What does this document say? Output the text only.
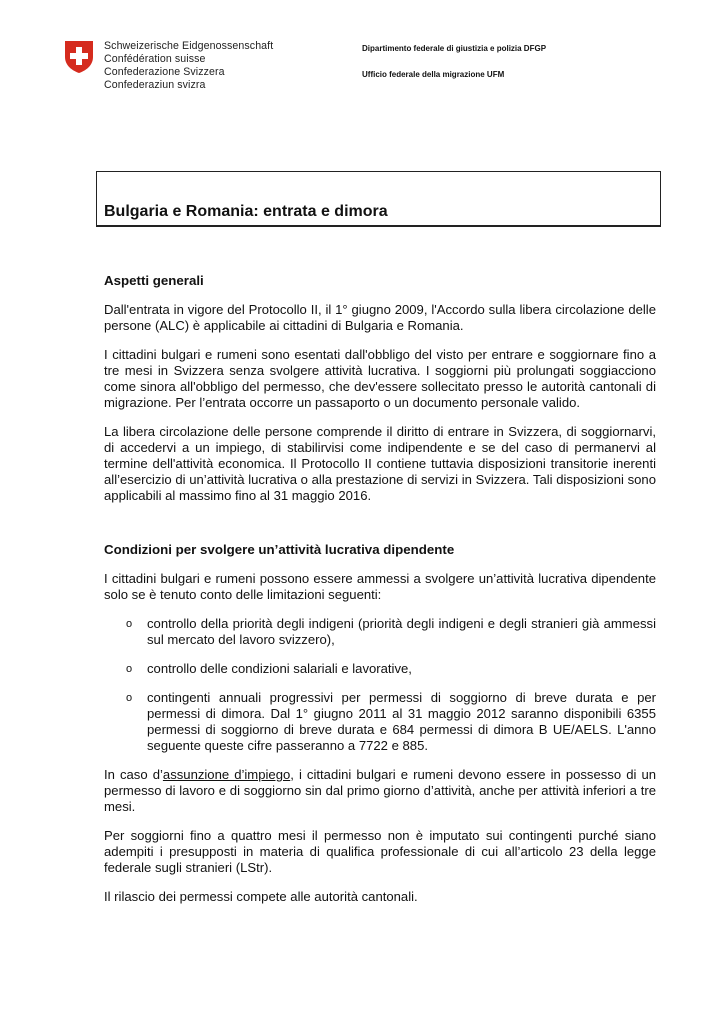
Schweizerische Eidgenossenschaft
Confédération suisse
Confederazione Svizzera
Confederaziun svizra
Dipartimento federale di giustizia e polizia DFGP
Ufficio federale della migrazione UFM
Bulgaria e Romania: entrata e dimora
Aspetti generali

Dall'entrata in vigore del Protocollo II, il 1° giugno 2009, l'Accordo sulla libera circolazione delle persone (ALC) è applicabile ai cittadini di Bulgaria e Romania.

I cittadini bulgari e rumeni sono esentati dall'obbligo del visto per entrare e soggiornare fino a tre mesi in Svizzera senza svolgere attività lucrativa. I soggiorni più prolungati soggiacciono come sinora all'obbligo del permesso, che dev'essere sollecitato presso le autorità cantonali di migrazione. Per l’entrata occorre un passaporto o un documento personale valido.

La libera circolazione delle persone comprende il diritto di entrare in Svizzera, di soggiornarvi, di accedervi a un impiego, di stabilirvisi come indipendente e se del caso di permanervi al termine dell'attività economica. Il Protocollo II contiene tuttavia disposizioni transitorie inerenti all’esercizio di un’attività lucrativa o alla prestazione di servizi in Svizzera. Tali disposizioni sono applicabili al massimo fino al 31 maggio 2016.

Condizioni per svolgere un’attività lucrativa dipendente

I cittadini bulgari e rumeni possono essere ammessi a svolgere un’attività lucrativa dipendente solo se è tenuto conto delle limitazioni seguenti:

o controllo della priorità degli indigeni (priorità degli indigeni e degli stranieri già ammessi sul mercato del lavoro svizzero),
o controllo delle condizioni salariali e lavorative,
o contingenti annuali progressivi per permessi di soggiorno di breve durata e per permessi di dimora. Dal 1° giugno 2011 al 31 maggio 2012 saranno disponibili 6355 permessi di soggiorno di breve durata e 684 permessi di dimora B UE/AELS. L'anno seguente queste cifre passeranno a 7722 e 885.

In caso d’assunzione d’impiego, i cittadini bulgari e rumeni devono essere in possesso di un permesso di lavoro e di soggiorno sin dal primo giorno d’attività, anche per attività inferiori a tre mesi.

Per soggiorni fino a quattro mesi il permesso non è imputato sui contingenti purché siano adempiti i presupposti in materia di qualifica professionale di cui all’articolo 23 della legge federale sugli stranieri (LStr).

Il rilascio dei permessi compete alle autorità cantonali.
